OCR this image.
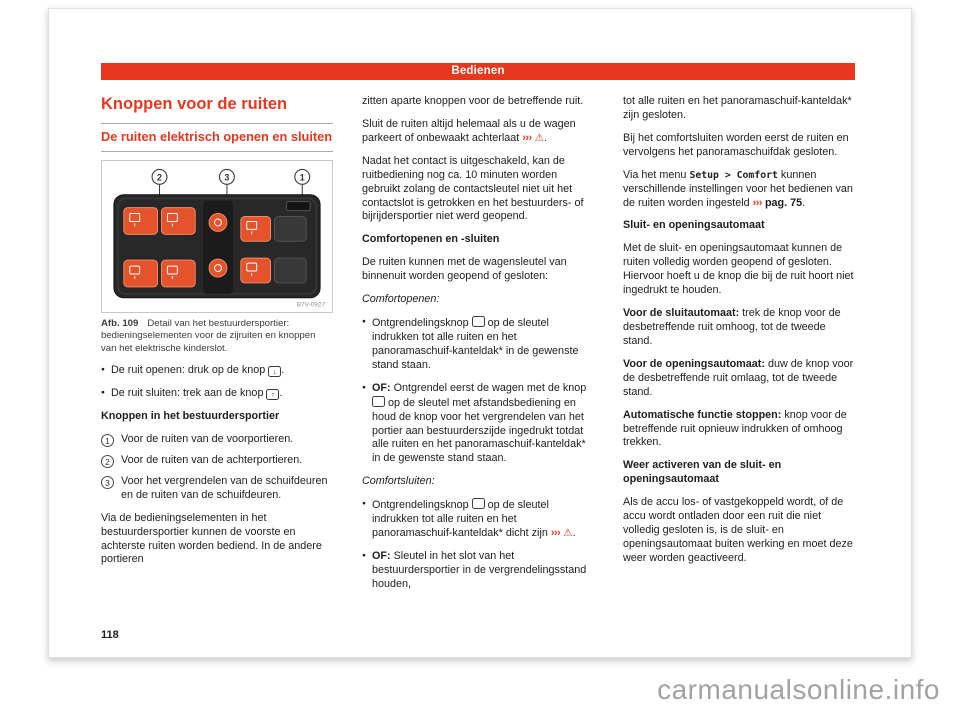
Bedienen
Knoppen voor de ruiten
De ruiten elektrisch openen en sluiten
2	3	1
B7V-0927

Afb. 109 Detail van het bestuurdersportier: bedieningselementen voor de zijruiten en knoppen van het elektrische kinderslot.

● De ruit openen: druk op de knop ↓ .

● De ruit sluiten: trek aan de knop ↑ .

Knoppen in het bestuurdersportier

1	Voor de ruiten van de voorportieren.
2	Voor de ruiten van de achterportieren.
3	Voor het vergrendelen van de schuifdeuren en de ruiten van de schuifdeuren.

Via de bedieningselementen in het bestuurdersportier kunnen de voorste en achterste ruiten worden bediend. In de andere portieren

zitten aparte knoppen voor de betreffende ruit.

Sluit de ruiten altijd helemaal als u de wagen parkeert of onbewaakt achterlaat ››› ⚠.

Nadat het contact is uitgeschakeld, kan de ruitbediening nog ca. 10 minuten worden gebruikt zolang de contactsleutel niet uit het contactslot is getrokken en het bestuurders- of bijrijdersportier niet werd geopend.

Comfortopenen en -sluiten

De ruiten kunnen met de wagensleutel van binnenuit worden geopend of gesloten:

Comfortopenen:

● Ontgrendelingsknop  op de sleutel indrukken tot alle ruiten en het panoramaschuif-kanteldak* in de gewenste stand staan.

● OF: Ontgrendel eerst de wagen met de knop  op de sleutel met afstandsbediening en houd de knop voor het vergrendelen van het portier aan bestuurderszijde ingedrukt totdat alle ruiten en het panoramaschuif-kanteldak* in de gewenste stand staan.

Comfortsluiten:

● Ontgrendelingsknop  op de sleutel indrukken tot alle ruiten en het panoramaschuif-kanteldak* dicht zijn ››› ⚠.

● OF: Sleutel in het slot van het bestuurdersportier in de vergrendelingsstand houden,

tot alle ruiten en het panoramaschuif-kanteldak* zijn gesloten.

Bij het comfortsluiten worden eerst de ruiten en vervolgens het panoramaschuifdak gesloten.

Via het menu Setup > Comfort kunnen verschillende instellingen voor het bedienen van de ruiten worden ingesteld ››› pag. 75.

Sluit- en openingsautomaat

Met de sluit- en openingsautomaat kunnen de ruiten volledig worden geopend of gesloten. Hiervoor hoeft u de knop die bij de ruit hoort niet ingedrukt te houden.

Voor de sluitautomaat: trek de knop voor de desbetreffende ruit omhoog, tot de tweede stand.

Voor de openingsautomaat: duw de knop voor de desbetreffende ruit omlaag, tot de tweede stand.

Automatische functie stoppen: knop voor de betreffende ruit opnieuw indrukken of omhoog trekken.

Weer activeren van de sluit- en openingsautomaat

Als de accu los- of vastgekoppeld wordt, of de accu wordt ontladen door een ruit die niet volledig gesloten is, is de sluit- en openingsautomaat buiten werking en moet deze weer worden geactiveerd.

118
carmanualsonline.info
